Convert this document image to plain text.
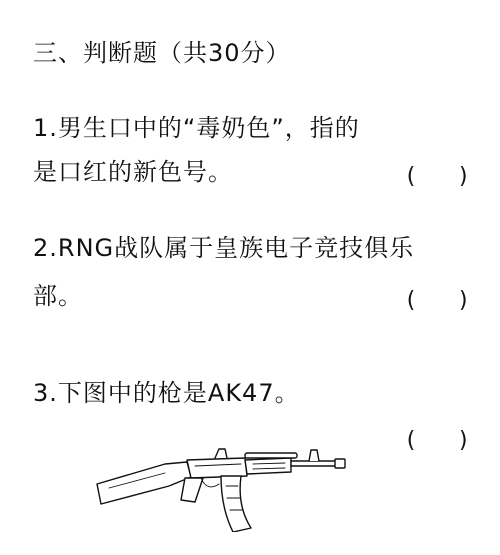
三、判断题（共30分）
1.男生口中的“毒奶色”，指的
是口红的新色号。	(   )
2.RNG战队属于皇族电子竞技俱乐
部。	(   )
3.下图中的枪是AK47。
(   )
